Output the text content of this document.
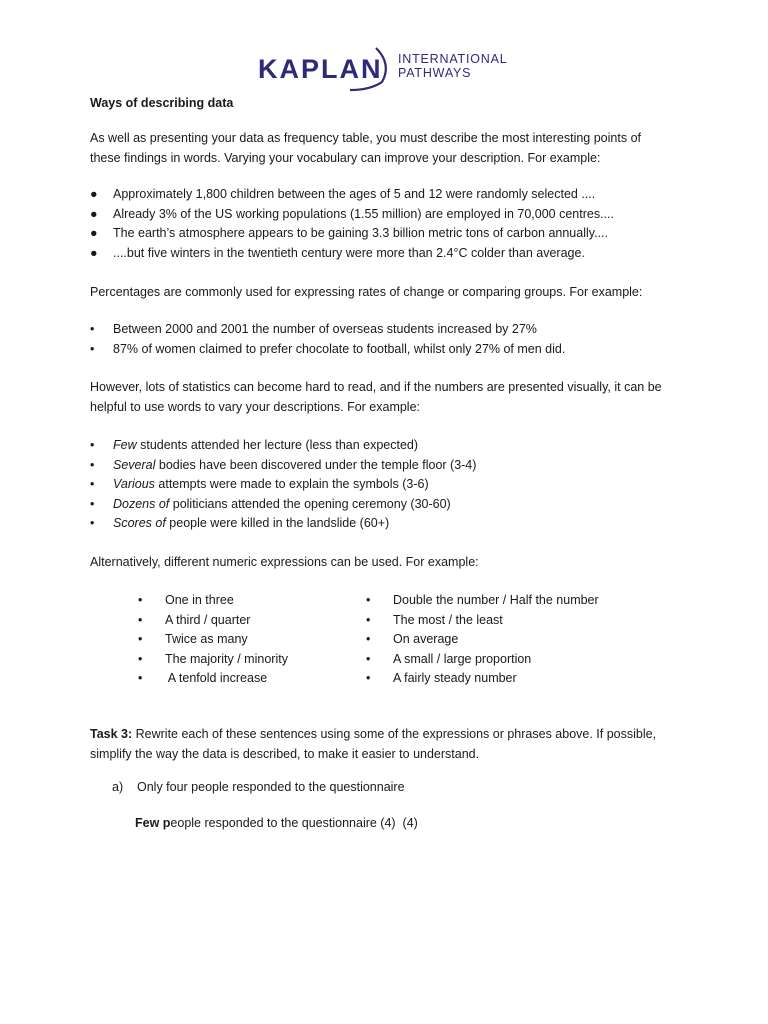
KAPLAN INTERNATIONAL
PATHWAYS
Ways of describing data
As well as presenting your data as frequency table, you must describe the most interesting points of
these findings in words. Varying your vocabulary can improve your description. For example:
● Approximately 1,800 children between the ages of 5 and 12 were randomly selected ....
● Already 3% of the US working populations (1.55 million) are employed in 70,000 centres....
● The earth’s atmosphere appears to be gaining 3.3 billion metric tons of carbon annually....
● ....but five winters in the twentieth century were more than 2.4°C colder than average.
Percentages are commonly used for expressing rates of change or comparing groups. For example:
• Between 2000 and 2001 the number of overseas students increased by 27%
• 87% of women claimed to prefer chocolate to football, whilst only 27% of men did.
However, lots of statistics can become hard to read, and if the numbers are presented visually, it can be
helpful to use words to vary your descriptions. For example:
• Few students attended her lecture (less than expected)
• Several bodies have been discovered under the temple floor (3-4)
• Various attempts were made to explain the symbols (3-6)
• Dozens of politicians attended the opening ceremony (30-60)
• Scores of people were killed in the landslide (60+)
Alternatively, different numeric expressions can be used. For example:
• One in three
• A third / quarter
• Twice as many
• The majority / minority
• A tenfold increase
• Double the number / Half the number
• The most / the least
• On average
• A small / large proportion
• A fairly steady number
Task 3: Rewrite each of these sentences using some of the expressions or phrases above. If possible,
simplify the way the data is described, to make it easier to understand.
a) Only four people responded to the questionnaire
Few people responded to the questionnaire (4)  (4)
